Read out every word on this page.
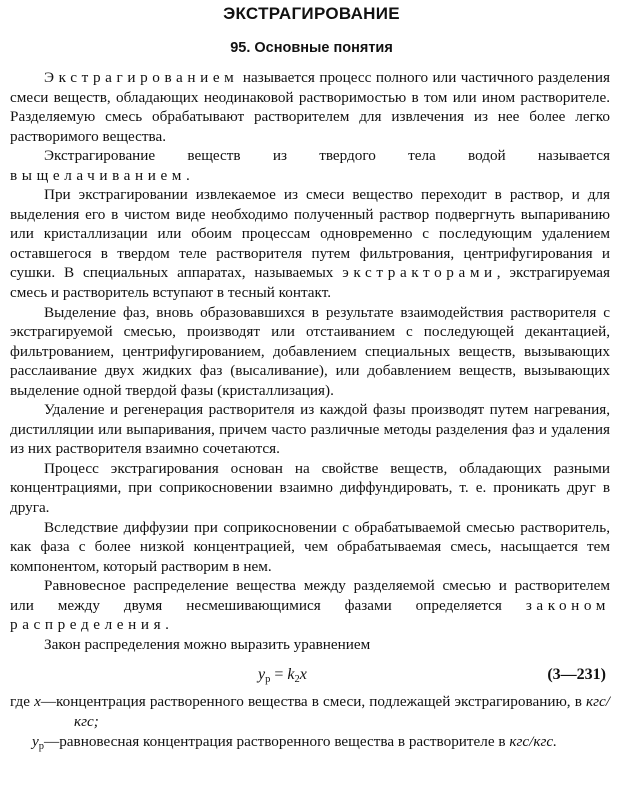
ЭКСТРАГИРОВАНИЕ
95. Основные понятия

Экстрагированием называется процесс полного или частичного разделения смеси веществ, обладающих неодинаковой растворимостью в том или ином растворителе. Разделяемую смесь обрабатывают растворителем для извлечения из нее более легко растворимого вещества.

Экстрагирование веществ из твердого тела водой называется выщелачиванием.

При экстрагировании извлекаемое из смеси вещество переходит в раствор, и для выделения его в чистом виде необходимо полученный раствор подвергнуть выпариванию или кристаллизации или обоим процессам одновременно с последующим удалением оставшегося в твердом теле растворителя путем фильтрования, центрифугирования и сушки. В специальных аппаратах, называемых экстракторами, экстрагируемая смесь и растворитель вступают в тесный контакт.

Выделение фаз, вновь образовавшихся в результате взаимодействия растворителя с экстрагируемой смесью, производят или отстаиванием с последующей декантацией, фильтрованием, центрифугированием, добавлением специальных веществ, вызывающих расслаивание двух жидких фаз (высаливание), или добавлением веществ, вызывающих выделение одной твердой фазы (кристаллизация).

Удаление и регенерация растворителя из каждой фазы производят путем нагревания, дистилляции или выпаривания, причем часто различные методы разделения фаз и удаления из них растворителя взаимно сочетаются.

Процесс экстрагирования основан на свойстве веществ, обладающих разными концентрациями, при соприкосновении взаимно диффундировать, т. е. проникать друг в друга.

Вследствие диффузии при соприкосновении с обрабатываемой смесью растворитель, как фаза с более низкой концентрацией, чем обрабатываемая смесь, насыщается тем компонентом, который растворим в нем.

Равновесное распределение вещества между разделяемой смесью и растворителем или между двумя несмешивающимися фазами определяется законом распределения.

Закон распределения можно выразить уравнением

$y_р = k_2x$	(3—231)

где x—концентрация растворенного вещества в смеси, подлежащей экстрагированию, в кгс/кгс;

$y_р—равновесная$ концентрация растворенного вещества в растворителе в кгс/кгс.
